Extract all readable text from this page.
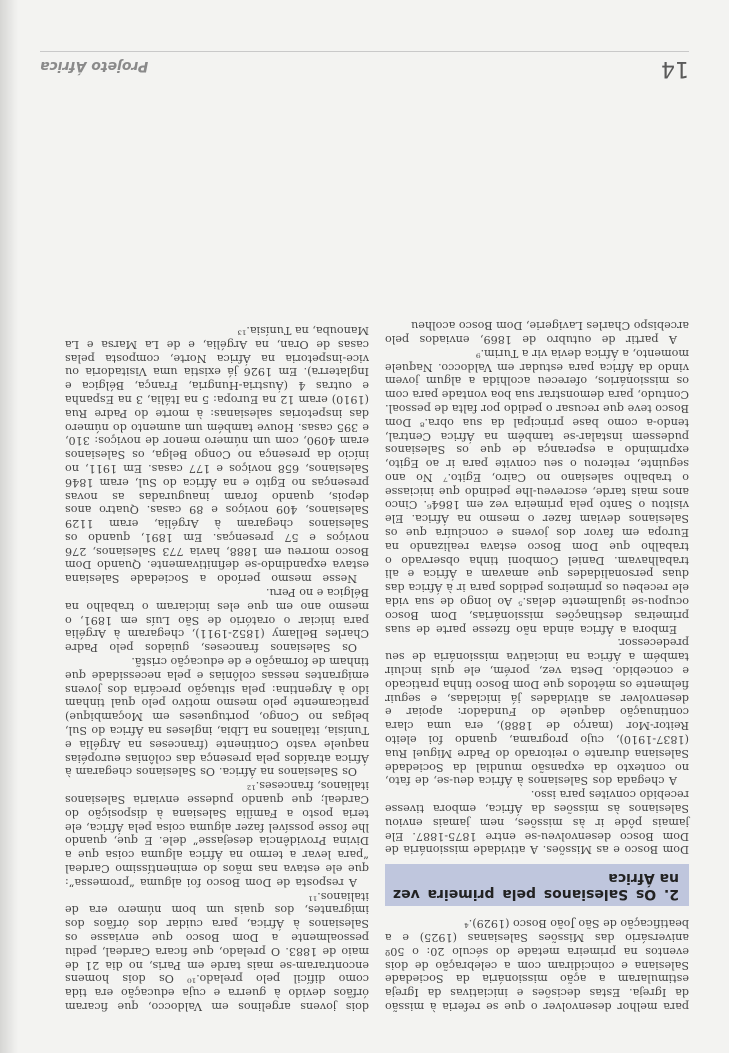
para melhor desenvolver o que se referia à missão da Igreja. Estas decisões e iniciativas da Igreja estimularam a ação missionária da Sociedade Salesiana e coincidiram com a celebração de dois eventos na primeira metade do século 20: o 50º aniversário das Missões Salesianas (1925) e a beatificação de São João Bosco (1929).⁴

2. Os Salesianos pela primeira vez na África

Dom Bosco e as Missões. A atividade missionária de Dom Bosco desenvolveu-se entre 1875-1887. Ele jamais pôde ir às missões, nem jamais enviou Salesianos às missões da África, embora tivesse recebido convites para isso.

A chegada dos Salesianos à África deu-se, de fato, no contexto da expansão mundial da Sociedade Salesiana durante o reitorado do Padre Miguel Rua (1837-1910), cujo programa, quando foi eleito Reitor-Mor (março de 1888), era uma clara continuação daquele do Fundador: apoiar e desenvolver as atividades já iniciadas, e seguir fielmente os métodos que Dom Bosco tinha praticado e concebido. Desta vez, porém, ele quis incluir também a África na iniciativa missionária de seu predecessor.

Embora a África ainda não fizesse parte de suas primeiras destinações missionárias, Dom Bosco ocupou-se igualmente delas.⁵ Ao longo de sua vida ele recebeu os primeiros pedidos para ir à África das duas personalidades que amavam a África e ali trabalhavam. Daniel Comboni tinha observado o trabalho que Dom Bosco estava realizando na Europa em favor dos jovens e concluíra que os Salesianos deviam fazer o mesmo na África. Ele visitou o Santo pela primeira vez em 1864⁶. Cinco anos mais tarde, escreveu-lhe pedindo que iniciasse o trabalho salesiano no Cairo, Egito.⁷ No ano seguinte, reiterou o seu convite para ir ao Egito, exprimindo a esperança de que os Salesianos pudessem instalar-se também na África Central, tendo-a como base principal da sua obra.⁸ Dom Bosco teve que recusar o pedido por falta de pessoal. Contudo, para demonstrar sua boa vontade para com os missionários, ofereceu acolhida a algum jovem vindo da África para estudar em Valdocco. Naquele momento, a África devia vir a Turim.⁹

A partir de outubro de 1869, enviados pelo arcebispo Charles Lavigerie, Dom Bosco acolheu

dois jovens argelinos em Valdocco, que ficaram órfãos devido à guerra e cuja educação era tida como difícil pelo prelado.¹⁰ Os dois homens encontraram-se mais tarde em Paris, no dia 21 de maio de 1883. O prelado, que ficara Cardeal, pediu pessoalmente a Dom Bosco que enviasse os Salesianos à África, para cuidar dos órfãos dos imigrantes, dos quais um bom número era de italianos.¹¹

A resposta de Dom Bosco foi alguma “promessa”: que ele estava nas mãos do eminentíssimo Cardeal “para levar a termo na África alguma coisa que a Divina Providência desejasse” dele. E que, quando lhe fosse possível fazer alguma coisa pela África, ele teria posto a Família Salesiana à disposição do Cardeal; que quando pudesse enviaria Salesianos italianos, franceses.¹²

Os Salesianos na África. Os Salesianos chegaram à África atraídos pela presença das colônias européias naquele vasto Continente (franceses na Argélia e Tunísia, italianos na Líbia, ingleses na África do Sul, belgas no Congo, portugueses em Moçambique) praticamente pelo mesmo motivo pelo qual tinham ido à Argentina: pela situação precária dos jovens emigrantes nessas colônias e pela necessidade que tinham de formação e de educação cristã.

Os Salesianos franceses, guiados pelo Padre Charles Bellamy (1852-1911), chegaram à Argélia para iniciar o oratório de São Luís em 1891, o mesmo ano em que eles iniciaram o trabalho na Bélgica e no Peru.

Nesse mesmo período a Sociedade Salesiana estava expandindo-se definitivamente. Quando Dom Bosco morreu em 1888, havia 773 Salesianos, 276 noviços e 57 presenças. Em 1891, quando os Salesianos chegaram à Argélia, eram 1129 Salesianos, 409 noviços e 89 casas. Quatro anos depois, quando foram inauguradas as novas presenças no Egito e na África do Sul, eram 1846 Salesianos, 658 noviços e 177 casas. Em 1911, no início da presença no Congo Belga, os Salesianos eram 4090, com um número menor de noviços: 310, e 395 casas. Houve também um aumento do número das inspetorias salesianas: à morte do Padre Rua (1910) eram 12 na Europa: 5 na Itália, 3 na Espanha e outras 4 (Áustria-Hungria, França, Bélgica e Inglaterra). Em 1926 já existia uma Visitadoria ou vice-inspetoria na África Norte, composta pelas casas de Oran, na Argélia, e de La Marsa e La Manouba, na Tunísia.¹³

14
Projeto África
